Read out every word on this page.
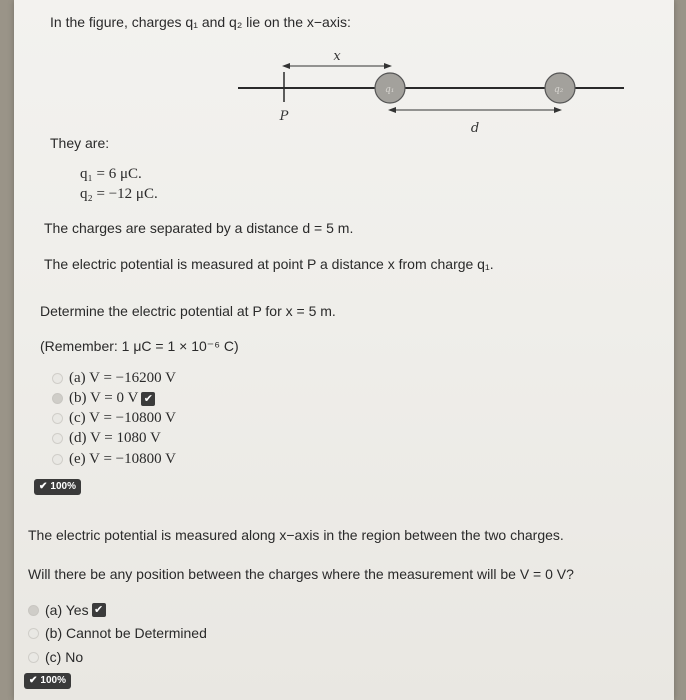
In the figure, charges q₁ and q₂ lie on the x−axis:
x
P
q₁	q₂
d
They are:
q₁ = 6 μC.
q₂ = −12 μC.
The charges are separated by a distance d = 5 m.
The electric potential is measured at point P a distance x from charge q₁.
Determine the electric potential at P for x = 5 m.
(Remember: 1 μC = 1 × 10⁻⁶ C)
(a) V = −16200 V
(b) V = 0 V ✔
(c) V = −10800 V
(d) V = 1080 V
(e) V = −10800 V
✔ 100%
The electric potential is measured along x−axis in the region between the two charges.
Will there be any position between the charges where the measurement will be V = 0 V?
(a) Yes ✔
(b) Cannot be Determined
(c) No
✔ 100%
